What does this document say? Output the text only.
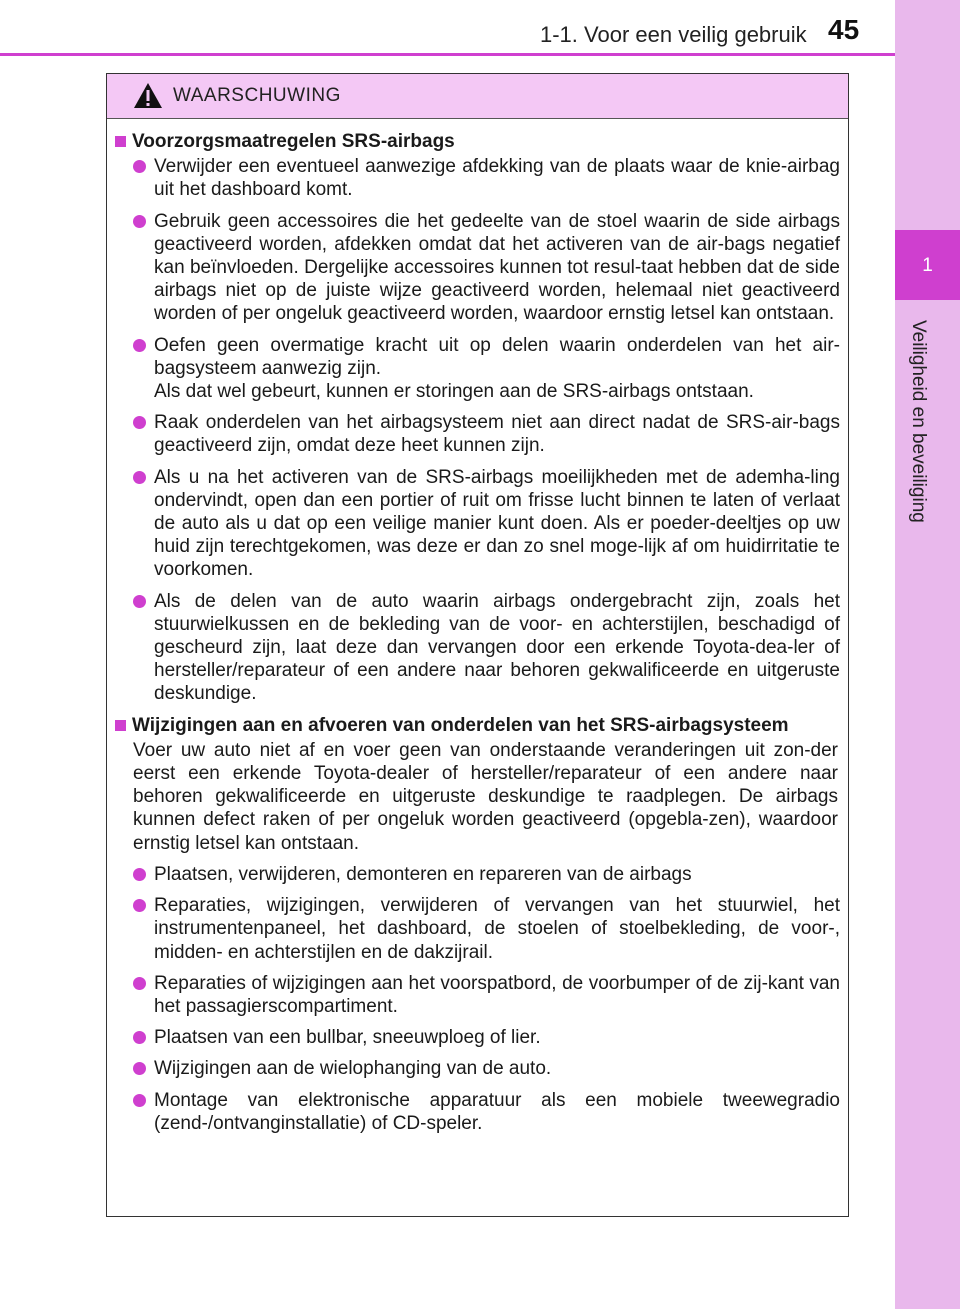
1-1. Voor een veilig gebruik 45
1
Veiligheid en beveiliging
WAARSCHUWING
Voorzorgsmaatregelen SRS-airbags
Verwijder een eventueel aanwezige afdekking van de plaats waar de knie-airbag uit het dashboard komt.
Gebruik geen accessoires die het gedeelte van de stoel waarin de side airbags geactiveerd worden, afdekken omdat dat het activeren van de air-bags negatief kan beïnvloeden. Dergelijke accessoires kunnen tot resul-taat hebben dat de side airbags niet op de juiste wijze geactiveerd worden, helemaal niet geactiveerd worden of per ongeluk geactiveerd worden, waardoor ernstig letsel kan ontstaan.
Oefen geen overmatige kracht uit op delen waarin onderdelen van het air-bagsysteem aanwezig zijn.
Als dat wel gebeurt, kunnen er storingen aan de SRS-airbags ontstaan.
Raak onderdelen van het airbagsysteem niet aan direct nadat de SRS-air-bags geactiveerd zijn, omdat deze heet kunnen zijn.
Als u na het activeren van de SRS-airbags moeilijkheden met de ademha-ling ondervindt, open dan een portier of ruit om frisse lucht binnen te laten of verlaat de auto als u dat op een veilige manier kunt doen. Als er poeder-deeltjes op uw huid zijn terechtgekomen, was deze er dan zo snel moge-lijk af om huidirritatie te voorkomen.
Als de delen van de auto waarin airbags ondergebracht zijn, zoals het stuurwielkussen en de bekleding van de voor- en achterstijlen, beschadigd of gescheurd zijn, laat deze dan vervangen door een erkende Toyota-dea-ler of hersteller/reparateur of een andere naar behoren gekwalificeerde en uitgeruste deskundige.
Wijzigingen aan en afvoeren van onderdelen van het SRS-airbagsysteem
Voer uw auto niet af en voer geen van onderstaande veranderingen uit zon-der eerst een erkende Toyota-dealer of hersteller/reparateur of een andere naar behoren gekwalificeerde en uitgeruste deskundige te raadplegen. De airbags kunnen defect raken of per ongeluk worden geactiveerd (opgebla-zen), waardoor ernstig letsel kan ontstaan.
Plaatsen, verwijderen, demonteren en repareren van de airbags
Reparaties, wijzigingen, verwijderen of vervangen van het stuurwiel, het instrumentenpaneel, het dashboard, de stoelen of stoelbekleding, de voor-, midden- en achterstijlen en de dakzijrail.
Reparaties of wijzigingen aan het voorspatbord, de voorbumper of de zij-kant van het passagierscompartiment.
Plaatsen van een bullbar, sneeuwploeg of lier.
Wijzigingen aan de wielophanging van de auto.
Montage van elektronische apparatuur als een mobiele tweewegradio (zend-/ontvanginstallatie) of CD-speler.
